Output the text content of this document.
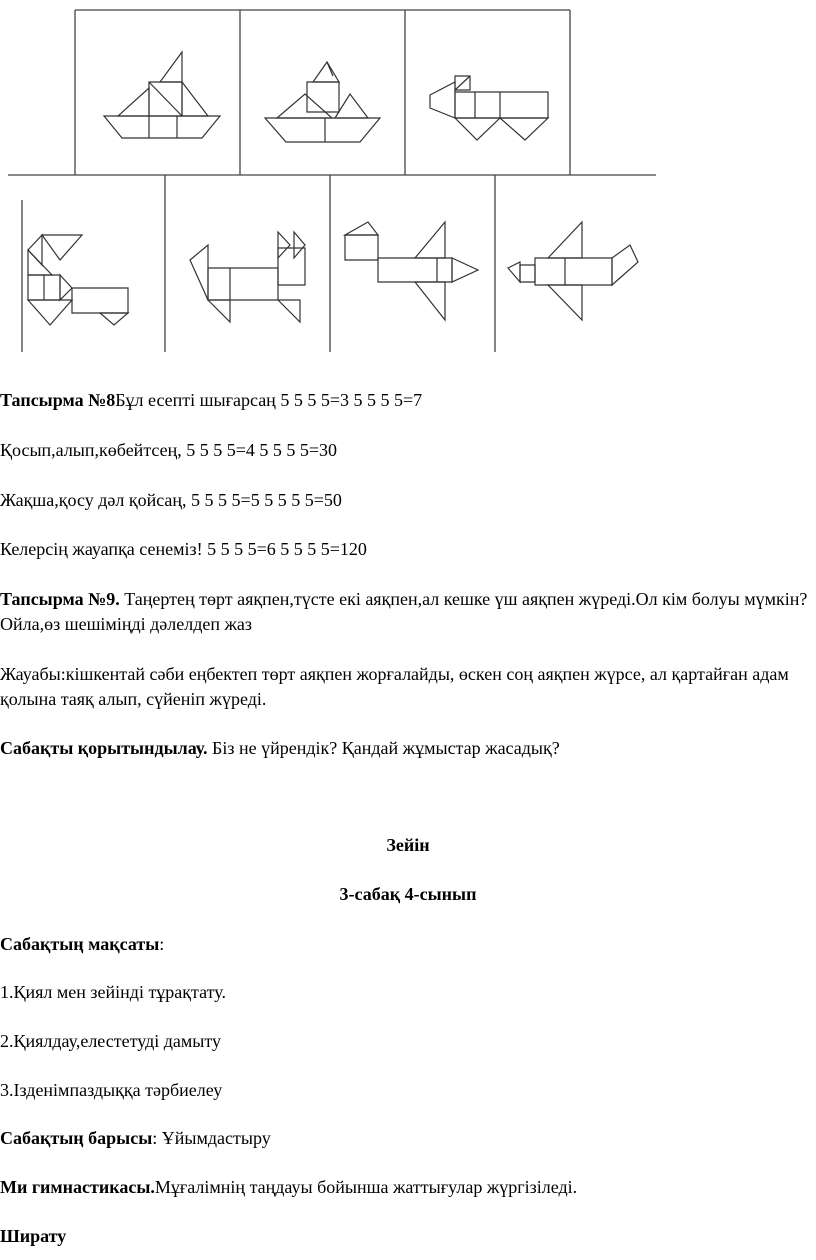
Тапсырма №8Бұл есепті шығарсаң 5 5 5 5=3 5 5 5 5=7

Қосып,алып,көбейтсең, 5 5 5 5=4 5 5 5 5=30

Жақша,қосу дәл қойсаң, 5 5 5 5=5 5 5 5 5=50

Келерсің жауапқа сенеміз! 5 5 5 5=6 5 5 5 5=120

Тапсырма №9. Таңертең төрт аяқпен,түсте екі аяқпен,ал кешке үш аяқпен жүреді.Ол кім болуы мүмкін? Ойла,өз шешіміңді дәлелдеп жаз

Жауабы:кішкентай сәби еңбектеп төрт аяқпен жорғалайды, өскен соң аяқпен жүрсе, ал қартайған адам қолына таяқ алып, сүйеніп жүреді.

Сабақты қорытындылау. Біз не үйрендік? Қандай жұмыстар жасадық?

Зейін

3-сабақ 4-сынып

Сабақтың мақсаты:

1.Қиял мен зейінді тұрақтату.

2.Қиялдау,елестетуді дамыту

3.Ізденімпаздыққа тәрбиелеу

Сабақтың барысы: Ұйымдастыру

Ми гимнастикасы.Мұғалімнің таңдауы бойынша жаттығулар жүргізіледі.

Ширату
